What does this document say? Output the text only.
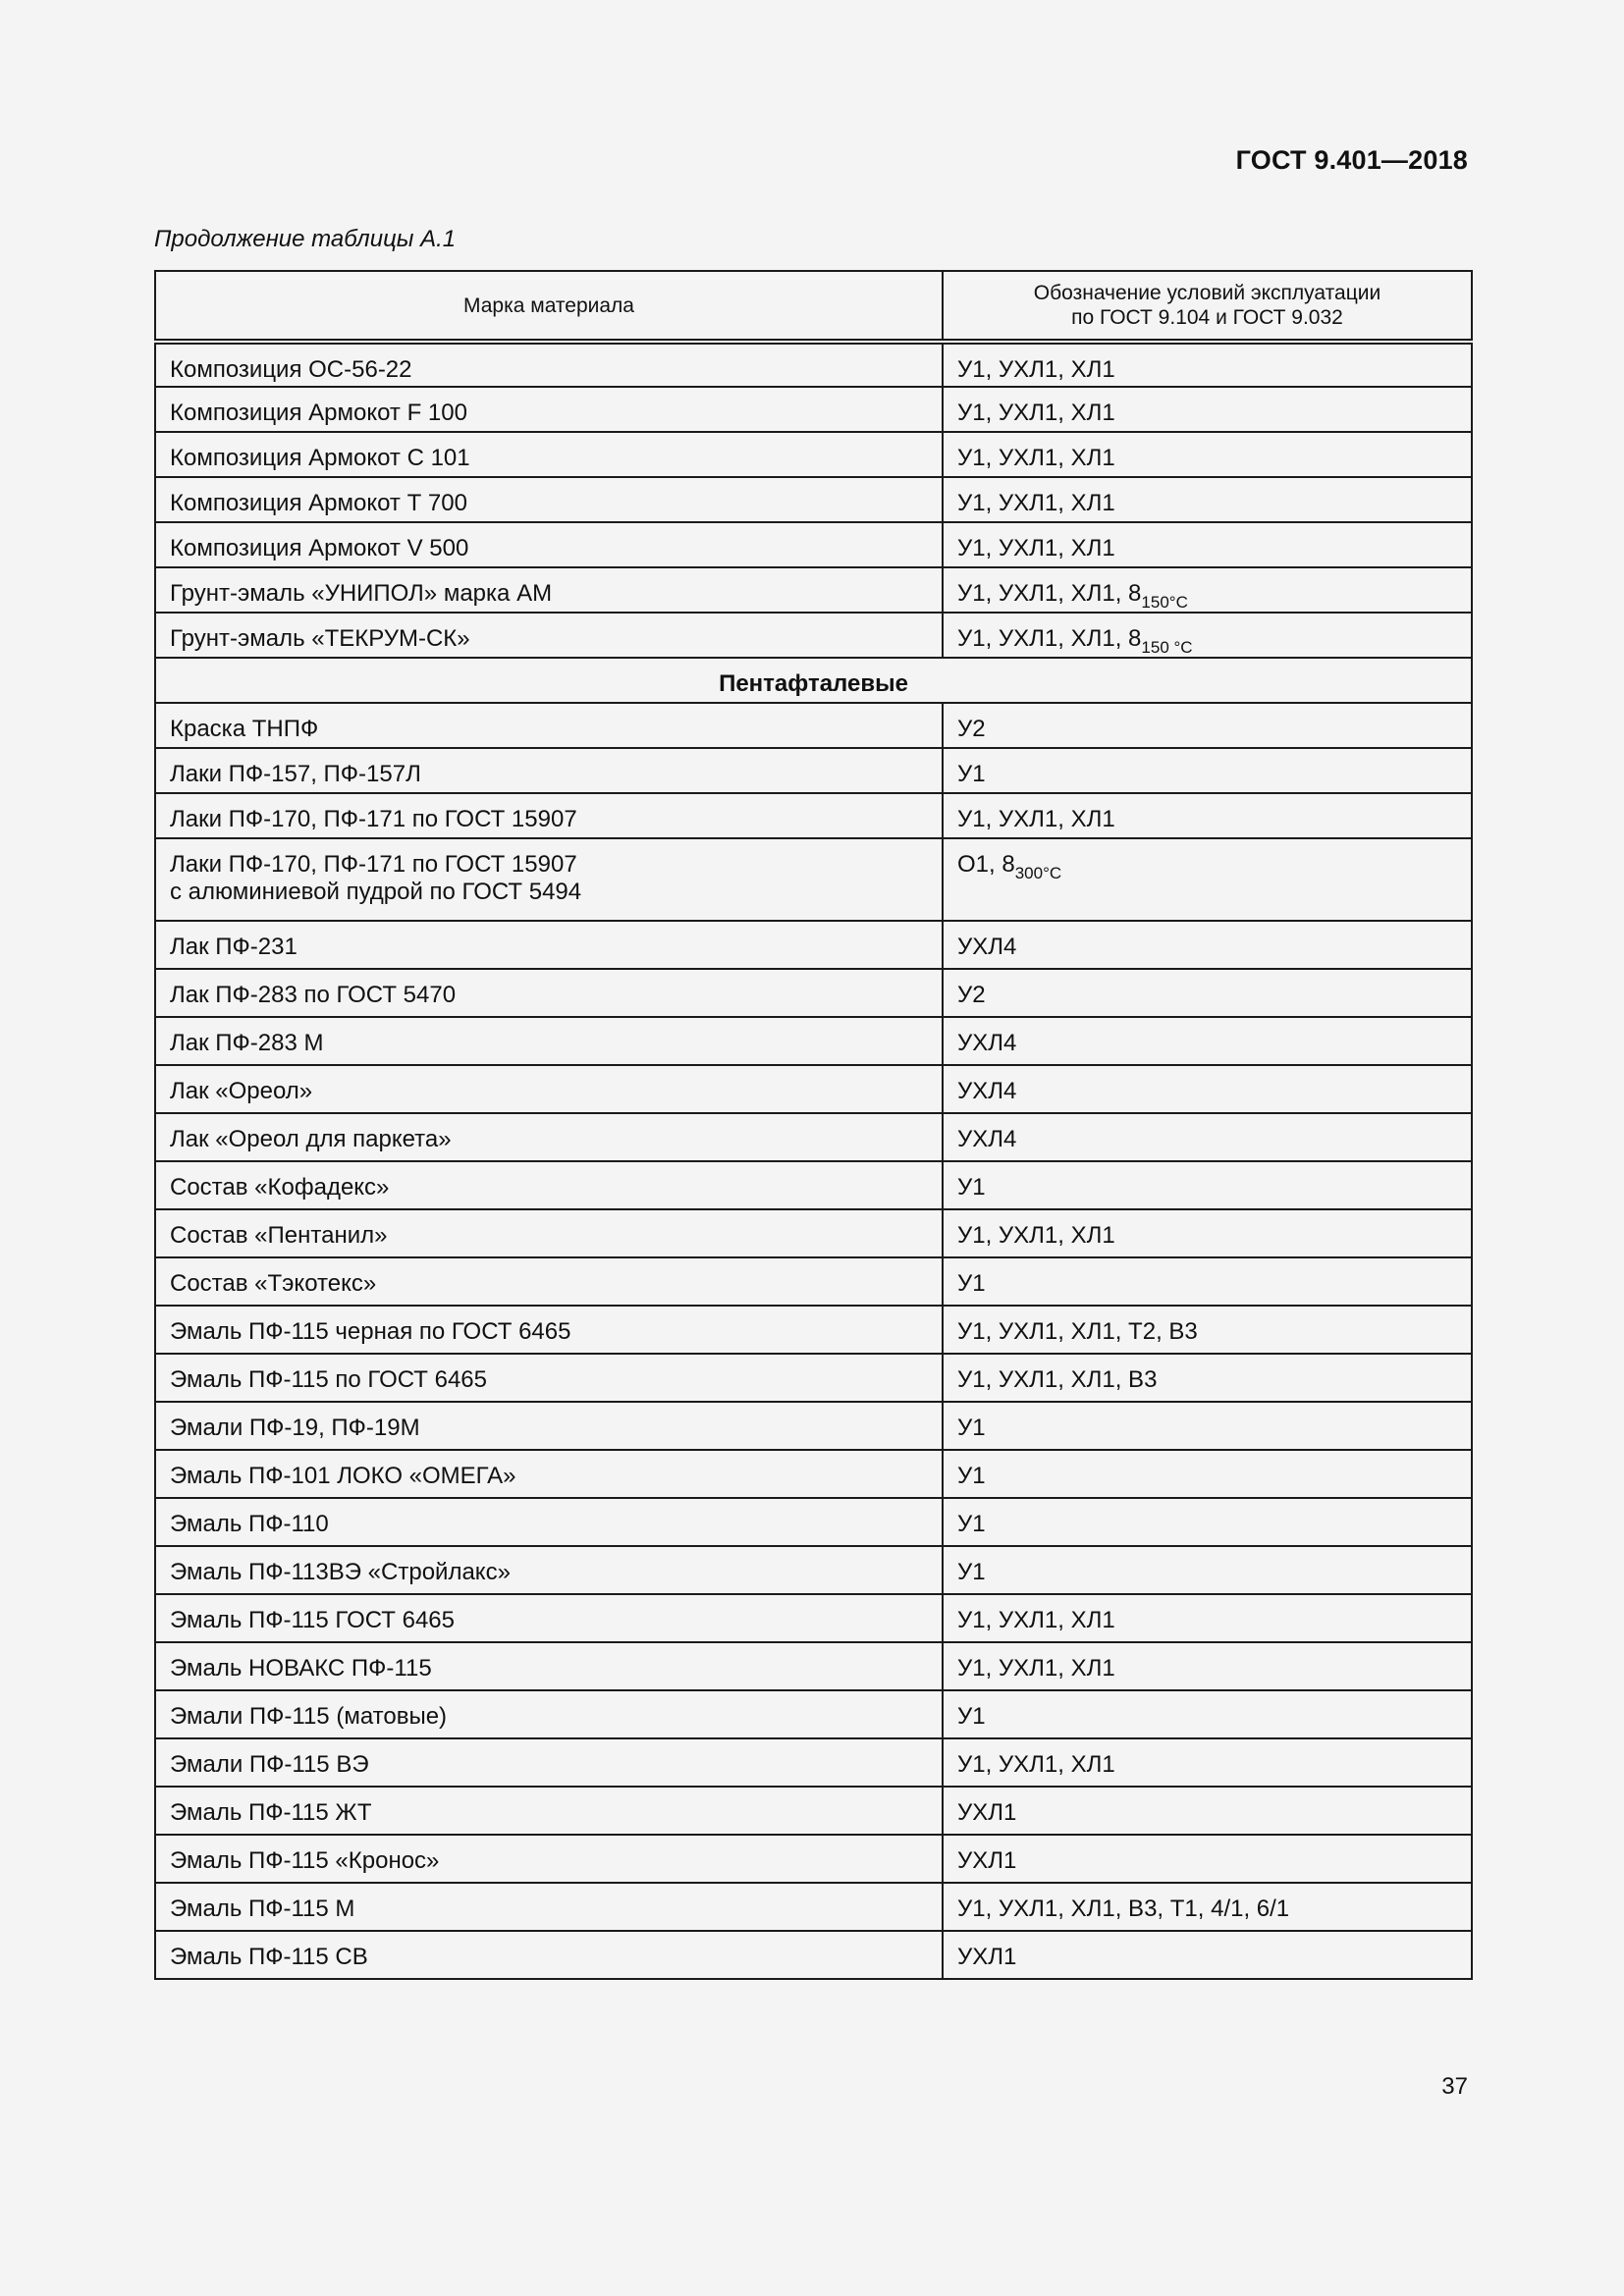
ГОСТ 9.401—2018
Продолжение таблицы А.1
Марка материала	Обозначение условий эксплуатации
по ГОСТ 9.104 и ГОСТ 9.032
Композиция ОС-56-22	У1, УХЛ1, ХЛ1
Композиция Армокот F 100	У1, УХЛ1, ХЛ1
Композиция Армокот С 101	У1, УХЛ1, ХЛ1
Композиция Армокот Т 700	У1, УХЛ1, ХЛ1
Композиция Армокот V 500	У1, УХЛ1, ХЛ1
Грунт-эмаль «УНИПОЛ» марка АМ	У1, УХЛ1, ХЛ1, $8_{150^\circ С}$
Грунт-эмаль «ТЕКРУМ-СК»	У1, УХЛ1, ХЛ1, $8_{150 ^\circ С}$
Пентафталевые	
Краска ТНПФ	У2
Лаки ПФ-157, ПФ-157Л	У1
Лаки ПФ-170, ПФ-171 по ГОСТ 15907	У1, УХЛ1, ХЛ1
Лаки ПФ-170, ПФ-171 по ГОСТ 15907
с алюминиевой пудрой по ГОСТ 5494	О1, $8_{300^\circ С}$
Лак ПФ-231	УХЛ4
Лак ПФ-283 по ГОСТ 5470	У2
Лак ПФ-283 М	УХЛ4
Лак «Ореол»	УХЛ4
Лак «Ореол для паркета»	УХЛ4
Состав «Кофадекс»	У1
Состав «Пентанил»	У1, УХЛ1, ХЛ1
Состав «Тэкотекс»	У1
Эмаль ПФ-115 черная по ГОСТ 6465	У1, УХЛ1, ХЛ1, Т2, В3
Эмаль ПФ-115 по ГОСТ 6465	У1, УХЛ1, ХЛ1, В3
Эмали ПФ-19, ПФ-19М	У1
Эмаль ПФ-101 ЛОКО «ОМЕГА»	У1
Эмаль ПФ-110	У1
Эмаль ПФ-113ВЭ «Стройлакс»	У1
Эмаль ПФ-115 ГОСТ 6465	У1, УХЛ1, ХЛ1
Эмаль НОВАКС ПФ-115	У1, УХЛ1, ХЛ1
Эмали ПФ-115 (матовые)	У1
Эмали ПФ-115 ВЭ	У1, УХЛ1, ХЛ1
Эмаль ПФ-115 ЖТ	УХЛ1
Эмаль ПФ-115 «Кронос»	УХЛ1
Эмаль ПФ-115 М	У1, УХЛ1, ХЛ1, В3, Т1, 4/1, 6/1
Эмаль ПФ-115 СВ	УХЛ1
37
